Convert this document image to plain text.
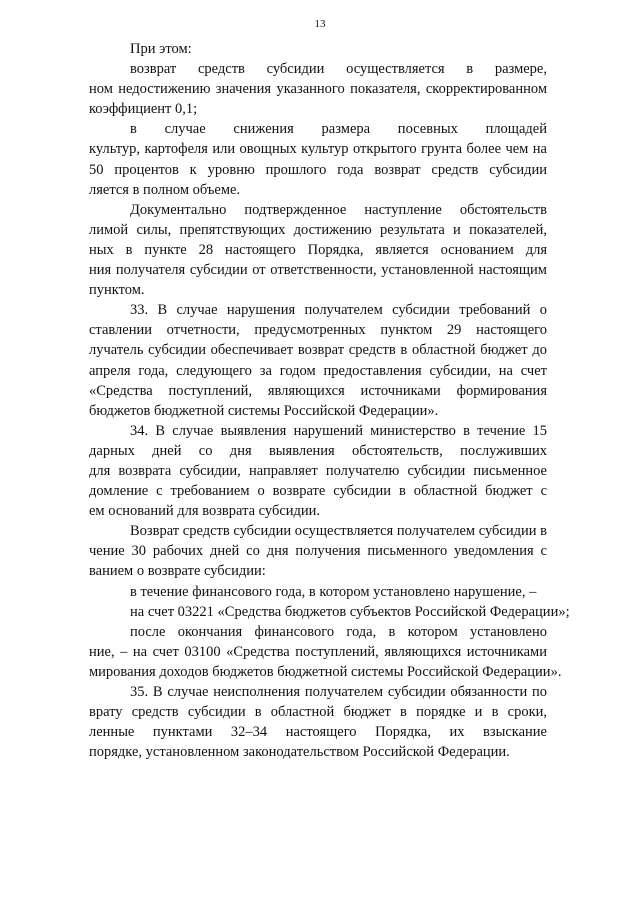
13
При этом:
возврат средств субсидии осуществляется в размере,
ном недостижению значения указанного показателя, скорректированном
коэффициент 0,1;
в случае снижения размера посевных площадей
культур, картофеля или овощных культур открытого грунта более чем на
50 процентов к уровню прошлого года возврат средств субсидии
ляется в полном объеме.
Документально подтвержденное наступление обстоятельств
лимой силы, препятствующих достижению результата и показателей,
ных в пункте 28 настоящего Порядка, является основанием для
ния получателя субсидии от ответственности, установленной настоящим
пунктом.
33. В случае нарушения получателем субсидии требований о
ставлении отчетности, предусмотренных пунктом 29 настоящего
лучатель субсидии обеспечивает возврат средств в областной бюджет до
апреля года, следующего за годом предоставления субсидии, на счет
«Средства поступлений, являющихся источниками формирования
бюджетов бюджетной системы Российской Федерации».
34. В случае выявления нарушений министерство в течение 15
дарных дней со дня выявления обстоятельств, послуживших
для возврата субсидии, направляет получателю субсидии письменное
домление с требованием о возврате субсидии в областной бюджет с
ем оснований для возврата субсидии.
Возврат средств субсидии осуществляется получателем субсидии в
чение 30 рабочих дней со дня получения письменного уведомления с
ванием о возврате субсидии:
в течение финансового года, в котором установлено нарушение, –
на счет 03221 «Средства бюджетов субъектов Российской Федерации»;
после окончания финансового года, в котором установлено
ние, – на счет 03100 «Средства поступлений, являющихся источниками
мирования доходов бюджетов бюджетной системы Российской Федерации».
35. В случае неисполнения получателем субсидии обязанности по
врату средств субсидии в областной бюджет в порядке и в сроки,
ленные пунктами 32–34 настоящего Порядка, их взыскание
порядке, установленном законодательством Российской Федерации.
